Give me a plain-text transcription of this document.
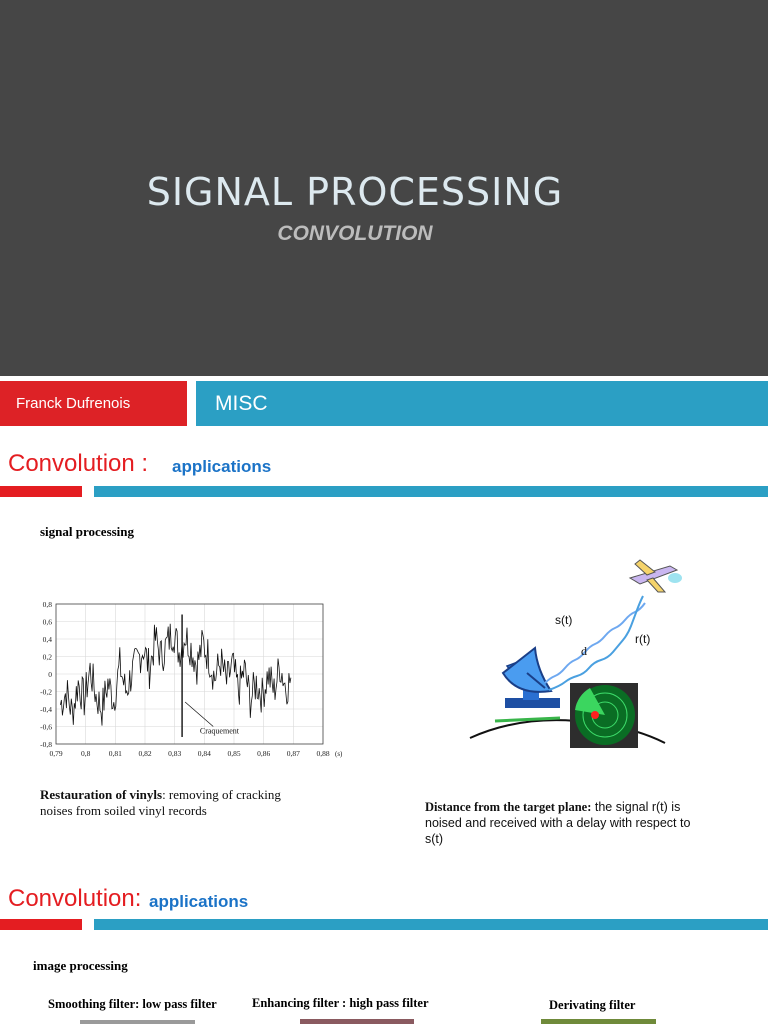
SIGNAL PROCESSING
CONVOLUTION
Franck Dufrenois	MISC
Convolution : applications
signal processing
0,79 0,8 0,81 0,82 0,83 0,84 0,85 0,86 0,87 0,88 (s)
0,8
0,6
0,4
0,2
0
-0,2
-0,4
-0,6
-0,8
Craquement
Restauration of vinyls: removing of cracking noises from soiled vinyl records
s(t)
r(t)
d
Distance from the target plane: the signal r(t) is noised and received with a delay with respect to s(t)
Convolution: applications
image processing
Smoothing filter: low pass filter	Enhancing filter : high pass filter	Derivating filter
